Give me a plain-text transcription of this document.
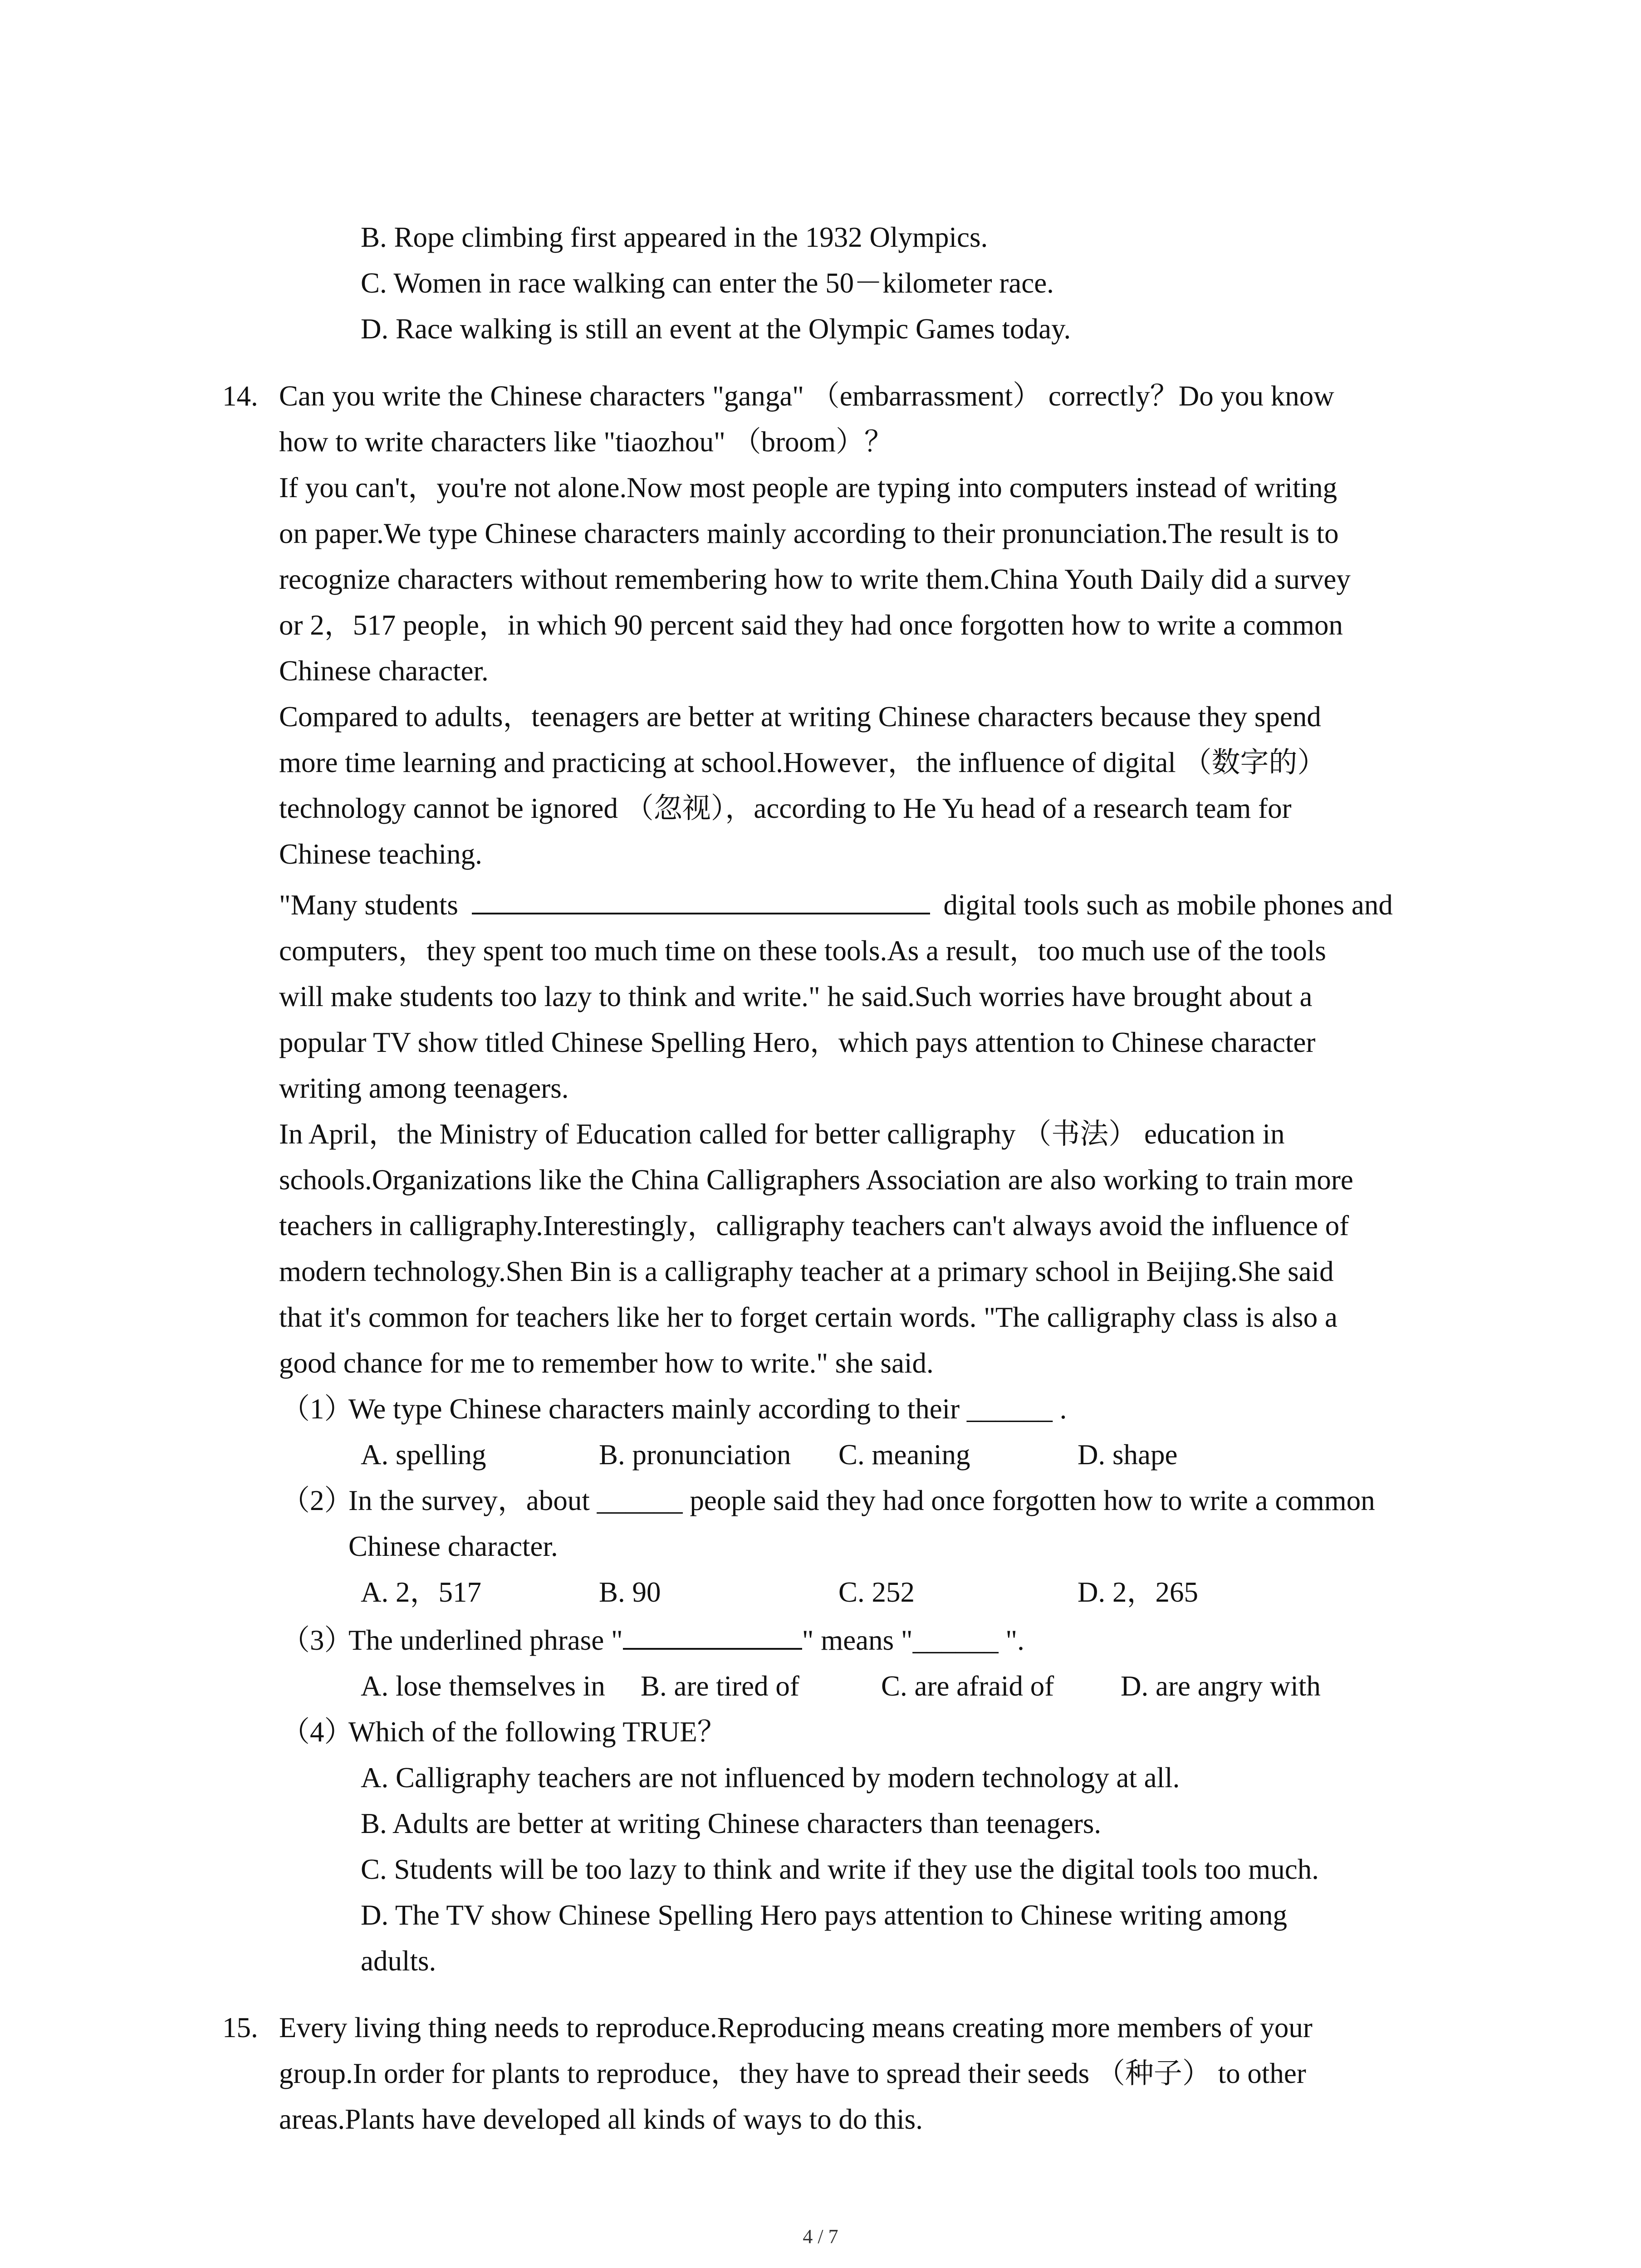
B. Rope climbing first appeared in the 1932 Olympics.
C. Women in race walking can enter the 50－kilometer race.
D. Race walking is still an event at the Olympic Games today.
14. Can you write the Chinese characters "ganga" （embarrassment） correctly？Do you know
how to write characters like "tiaozhou" （broom）？
If you can't，you're not alone.Now most people are typing into computers instead of writing
on paper.We type Chinese characters mainly according to their pronunciation.The result is to
recognize characters without remembering how to write them.China Youth Daily did a survey
or 2，517 people，in which 90 percent said they had once forgotten how to write a common
Chinese character.
Compared to adults，teenagers are better at writing Chinese characters because they spend
more time learning and practicing at school.However，the influence of digital （数字的）
technology cannot be ignored （忽视），according to He Yu head of a research team for
Chinese teaching.
"Many students	digital tools such as mobile phones and
computers，they spent too much time on these tools.As a result，too much use of the tools
will make students too lazy to think and write." he said.Such worries have brought about a
popular TV show titled Chinese Spelling Hero，which pays attention to Chinese character
writing among teenagers.
In April，the Ministry of Education called for better calligraphy （书法） education in
schools.Organizations like the China Calligraphers Association are also working to train more
teachers in calligraphy.Interestingly，calligraphy teachers can't always avoid the influence of
modern technology.Shen Bin is a calligraphy teacher at a primary school in Beijing.She said
that it's common for teachers like her to forget certain words. "The calligraphy class is also a
good chance for me to remember how to write." she said.
（1）
We type Chinese characters mainly according to their ______ .
A. spelling	B. pronunciation C. meaning	D. shape
（2）
In the survey，about ______ people said they had once forgotten how to write a common
Chinese character.
A. 2，517	B. 90	C. 252	D. 2，265
（3）
The underlined phrase "	" means "______ ".
A. lose themselves in B. are tired of	C. are afraid of D. are angry with
（4）
Which of the following TRUE？
A. Calligraphy teachers are not influenced by modern technology at all.
B. Adults are better at writing Chinese characters than teenagers.
C. Students will be too lazy to think and write if they use the digital tools too much.
D. The TV show Chinese Spelling Hero pays attention to Chinese writing among
adults.
15. Every living thing needs to reproduce.Reproducing means creating more members of your
group.In order for plants to reproduce，they have to spread their seeds （种子） to other
areas.Plants have developed all kinds of ways to do this.
4 / 7
